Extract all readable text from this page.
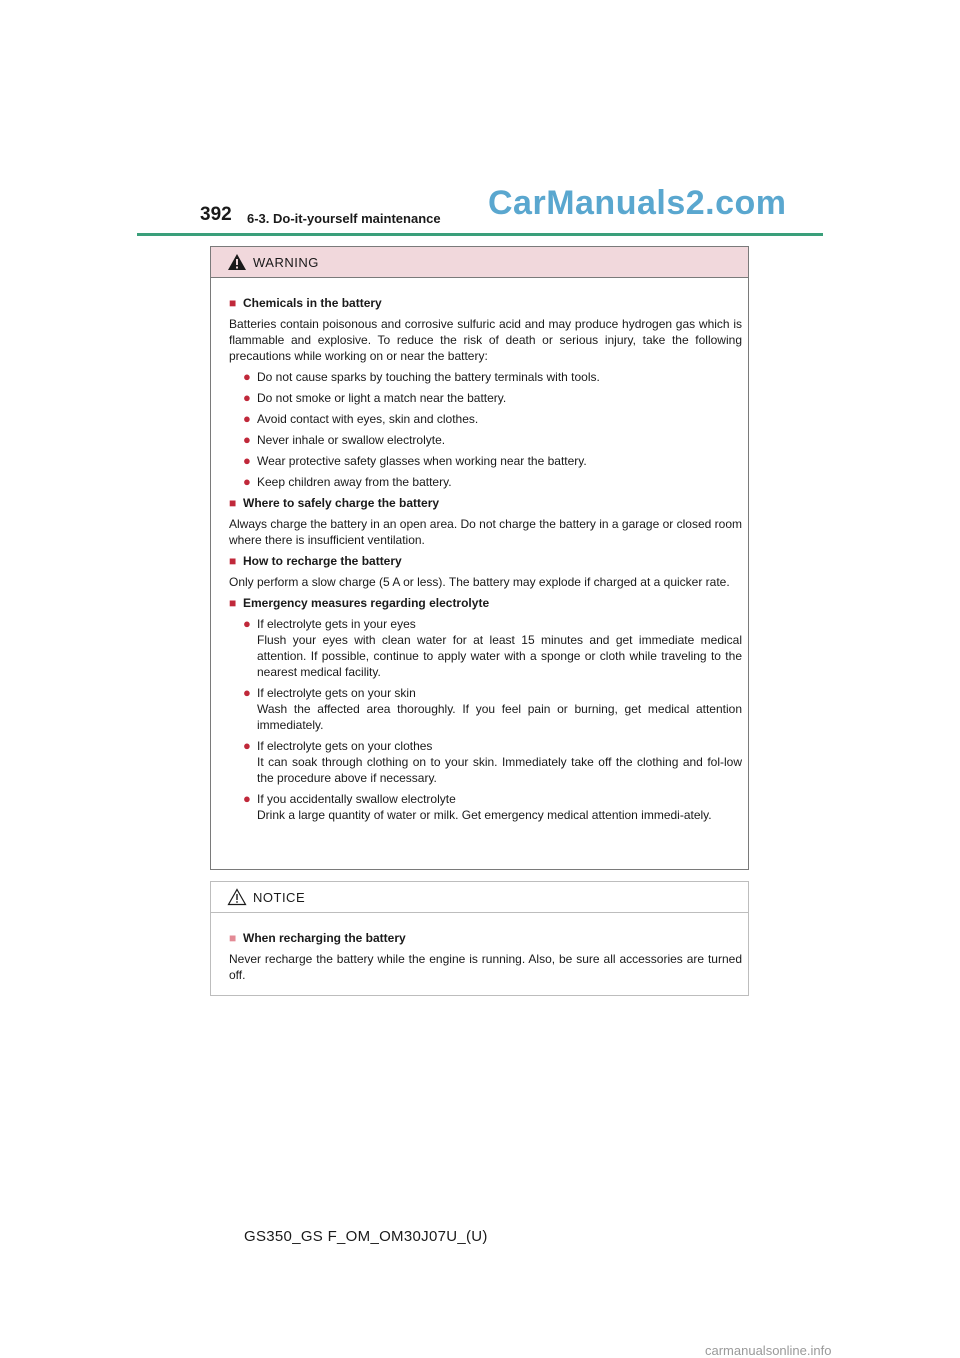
392 6-3. Do-it-yourself maintenance CarManuals2.com
WARNING
■ Chemicals in the battery

Batteries contain poisonous and corrosive sulfuric acid and may produce hydrogen gas which is flammable and explosive. To reduce the risk of death or serious injury, take the following precautions while working on or near the battery:

● Do not cause sparks by touching the battery terminals with tools.
● Do not smoke or light a match near the battery.
● Avoid contact with eyes, skin and clothes.
● Never inhale or swallow electrolyte.
● Wear protective safety glasses when working near the battery.
● Keep children away from the battery.
■ Where to safely charge the battery

Always charge the battery in an open area. Do not charge the battery in a garage or closed room where there is insufficient ventilation.

■ How to recharge the battery

Only perform a slow charge (5 A or less). The battery may explode if charged at a quicker rate.

■ Emergency measures regarding electrolyte
● If electrolyte gets in your eyes
Flush your eyes with clean water for at least 15 minutes and get immediate medical attention. If possible, continue to apply water with a sponge or cloth while traveling to the nearest medical facility.
● If electrolyte gets on your skin
Wash the affected area thoroughly. If you feel pain or burning, get medical attention immediately.
● If electrolyte gets on your clothes
It can soak through clothing on to your skin. Immediately take off the clothing and fol-low the procedure above if necessary.
● If you accidentally swallow electrolyte
Drink a large quantity of water or milk. Get emergency medical attention immedi-ately.
NOTICE
■ When recharging the battery

Never recharge the battery while the engine is running. Also, be sure all accessories are turned off.

GS350_GS F_OM_OM30J07U_(U)
carmanualsonline.info
